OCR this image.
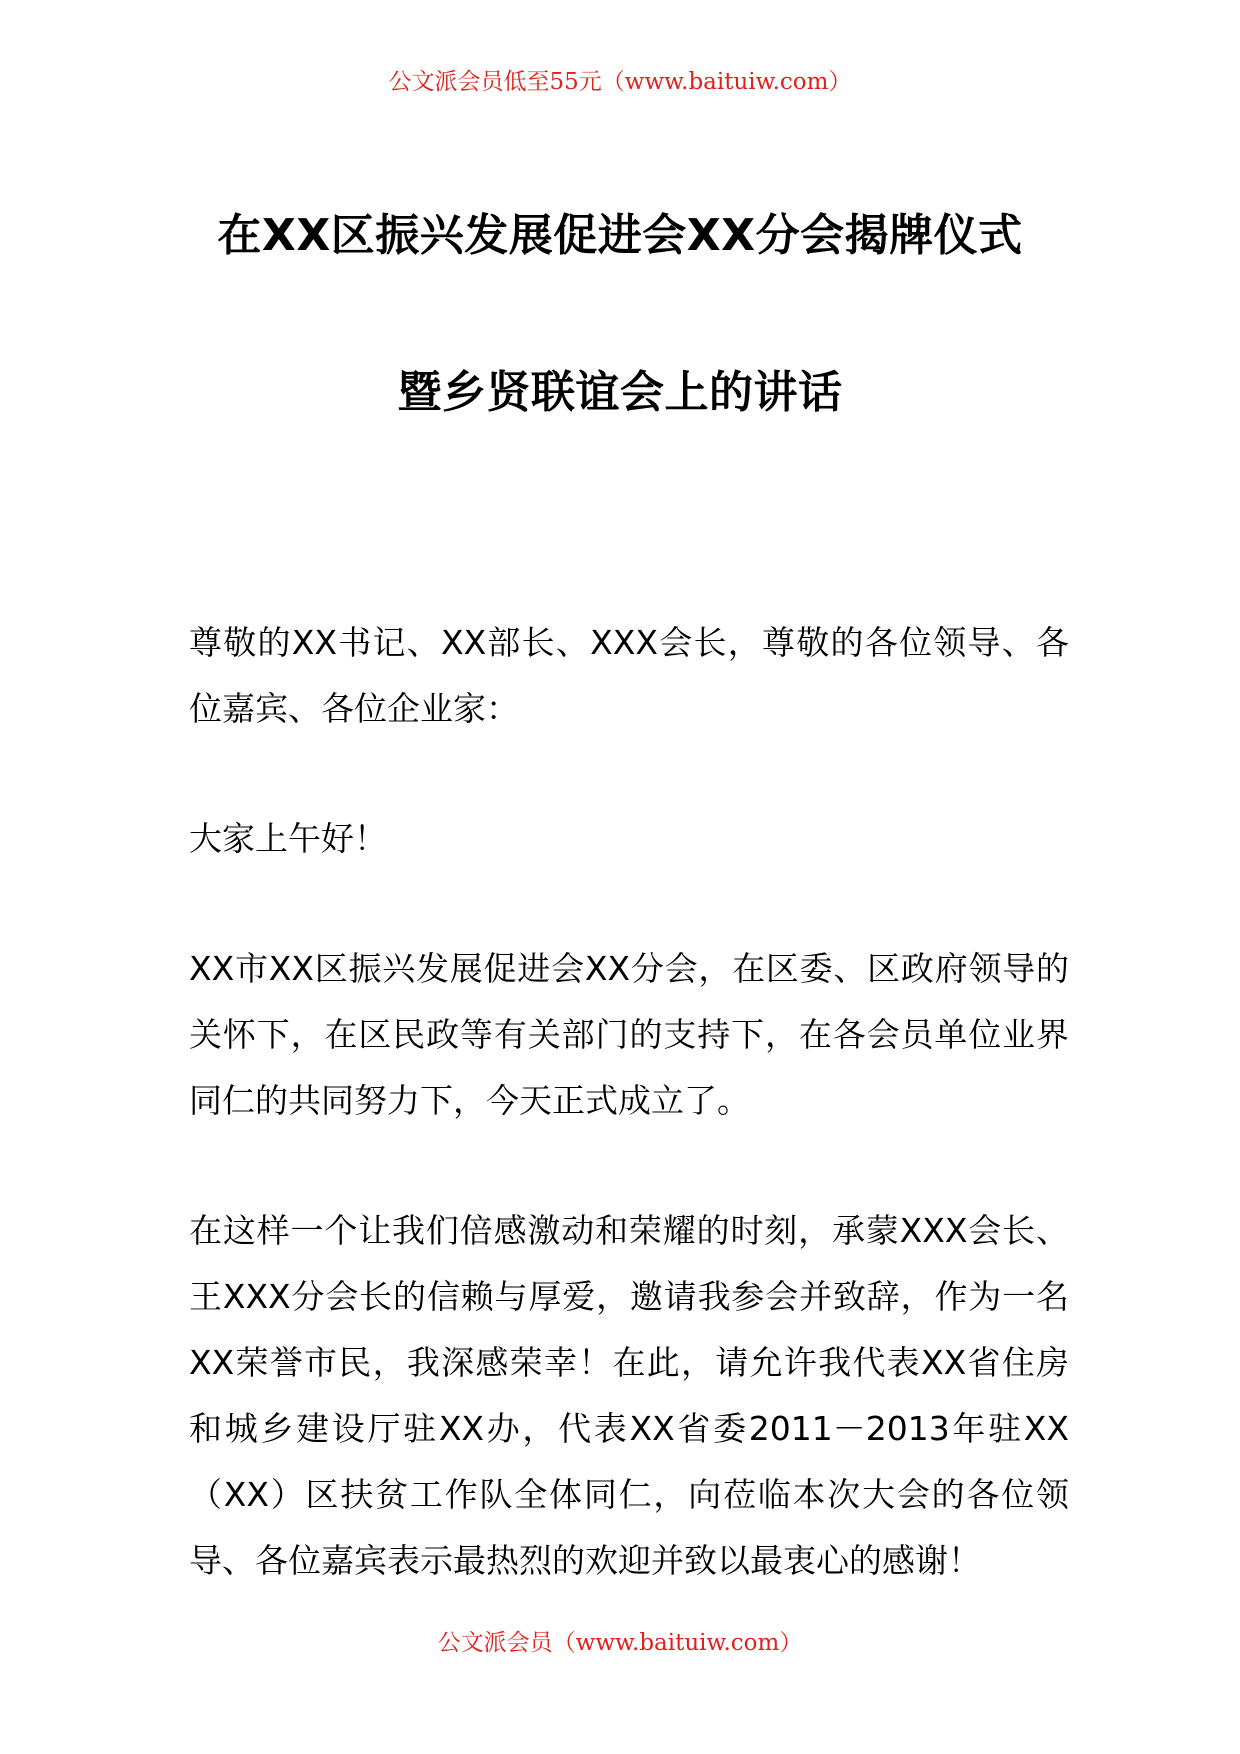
公文派会员低至55元（www.baituiw.com）
在XX区振兴发展促进会XX分会揭牌仪式
暨乡贤联谊会上的讲话

尊敬的XX书记、XX部长、XXX会长，尊敬的各位领导、各位嘉宾、各位企业家：

大家上午好！

XX市XX区振兴发展促进会XX分会，在区委、区政府领导的关怀下，在区民政等有关部门的支持下，在各会员单位业界同仁的共同努力下，今天正式成立了。

在这样一个让我们倍感激动和荣耀的时刻，承蒙XXX会长、王XXX分会长的信赖与厚爱，邀请我参会并致辞，作为一名XX荣誉市民，我深感荣幸！在此，请允许我代表XX省住房和城乡建设厅驻XX办，代表XX省委2011－2013年驻XX（XX）区扶贫工作队全体同仁，向莅临本次大会的各位领导、各位嘉宾表示最热烈的欢迎并致以最衷心的感谢！

公文派会员（www.baituiw.com）
